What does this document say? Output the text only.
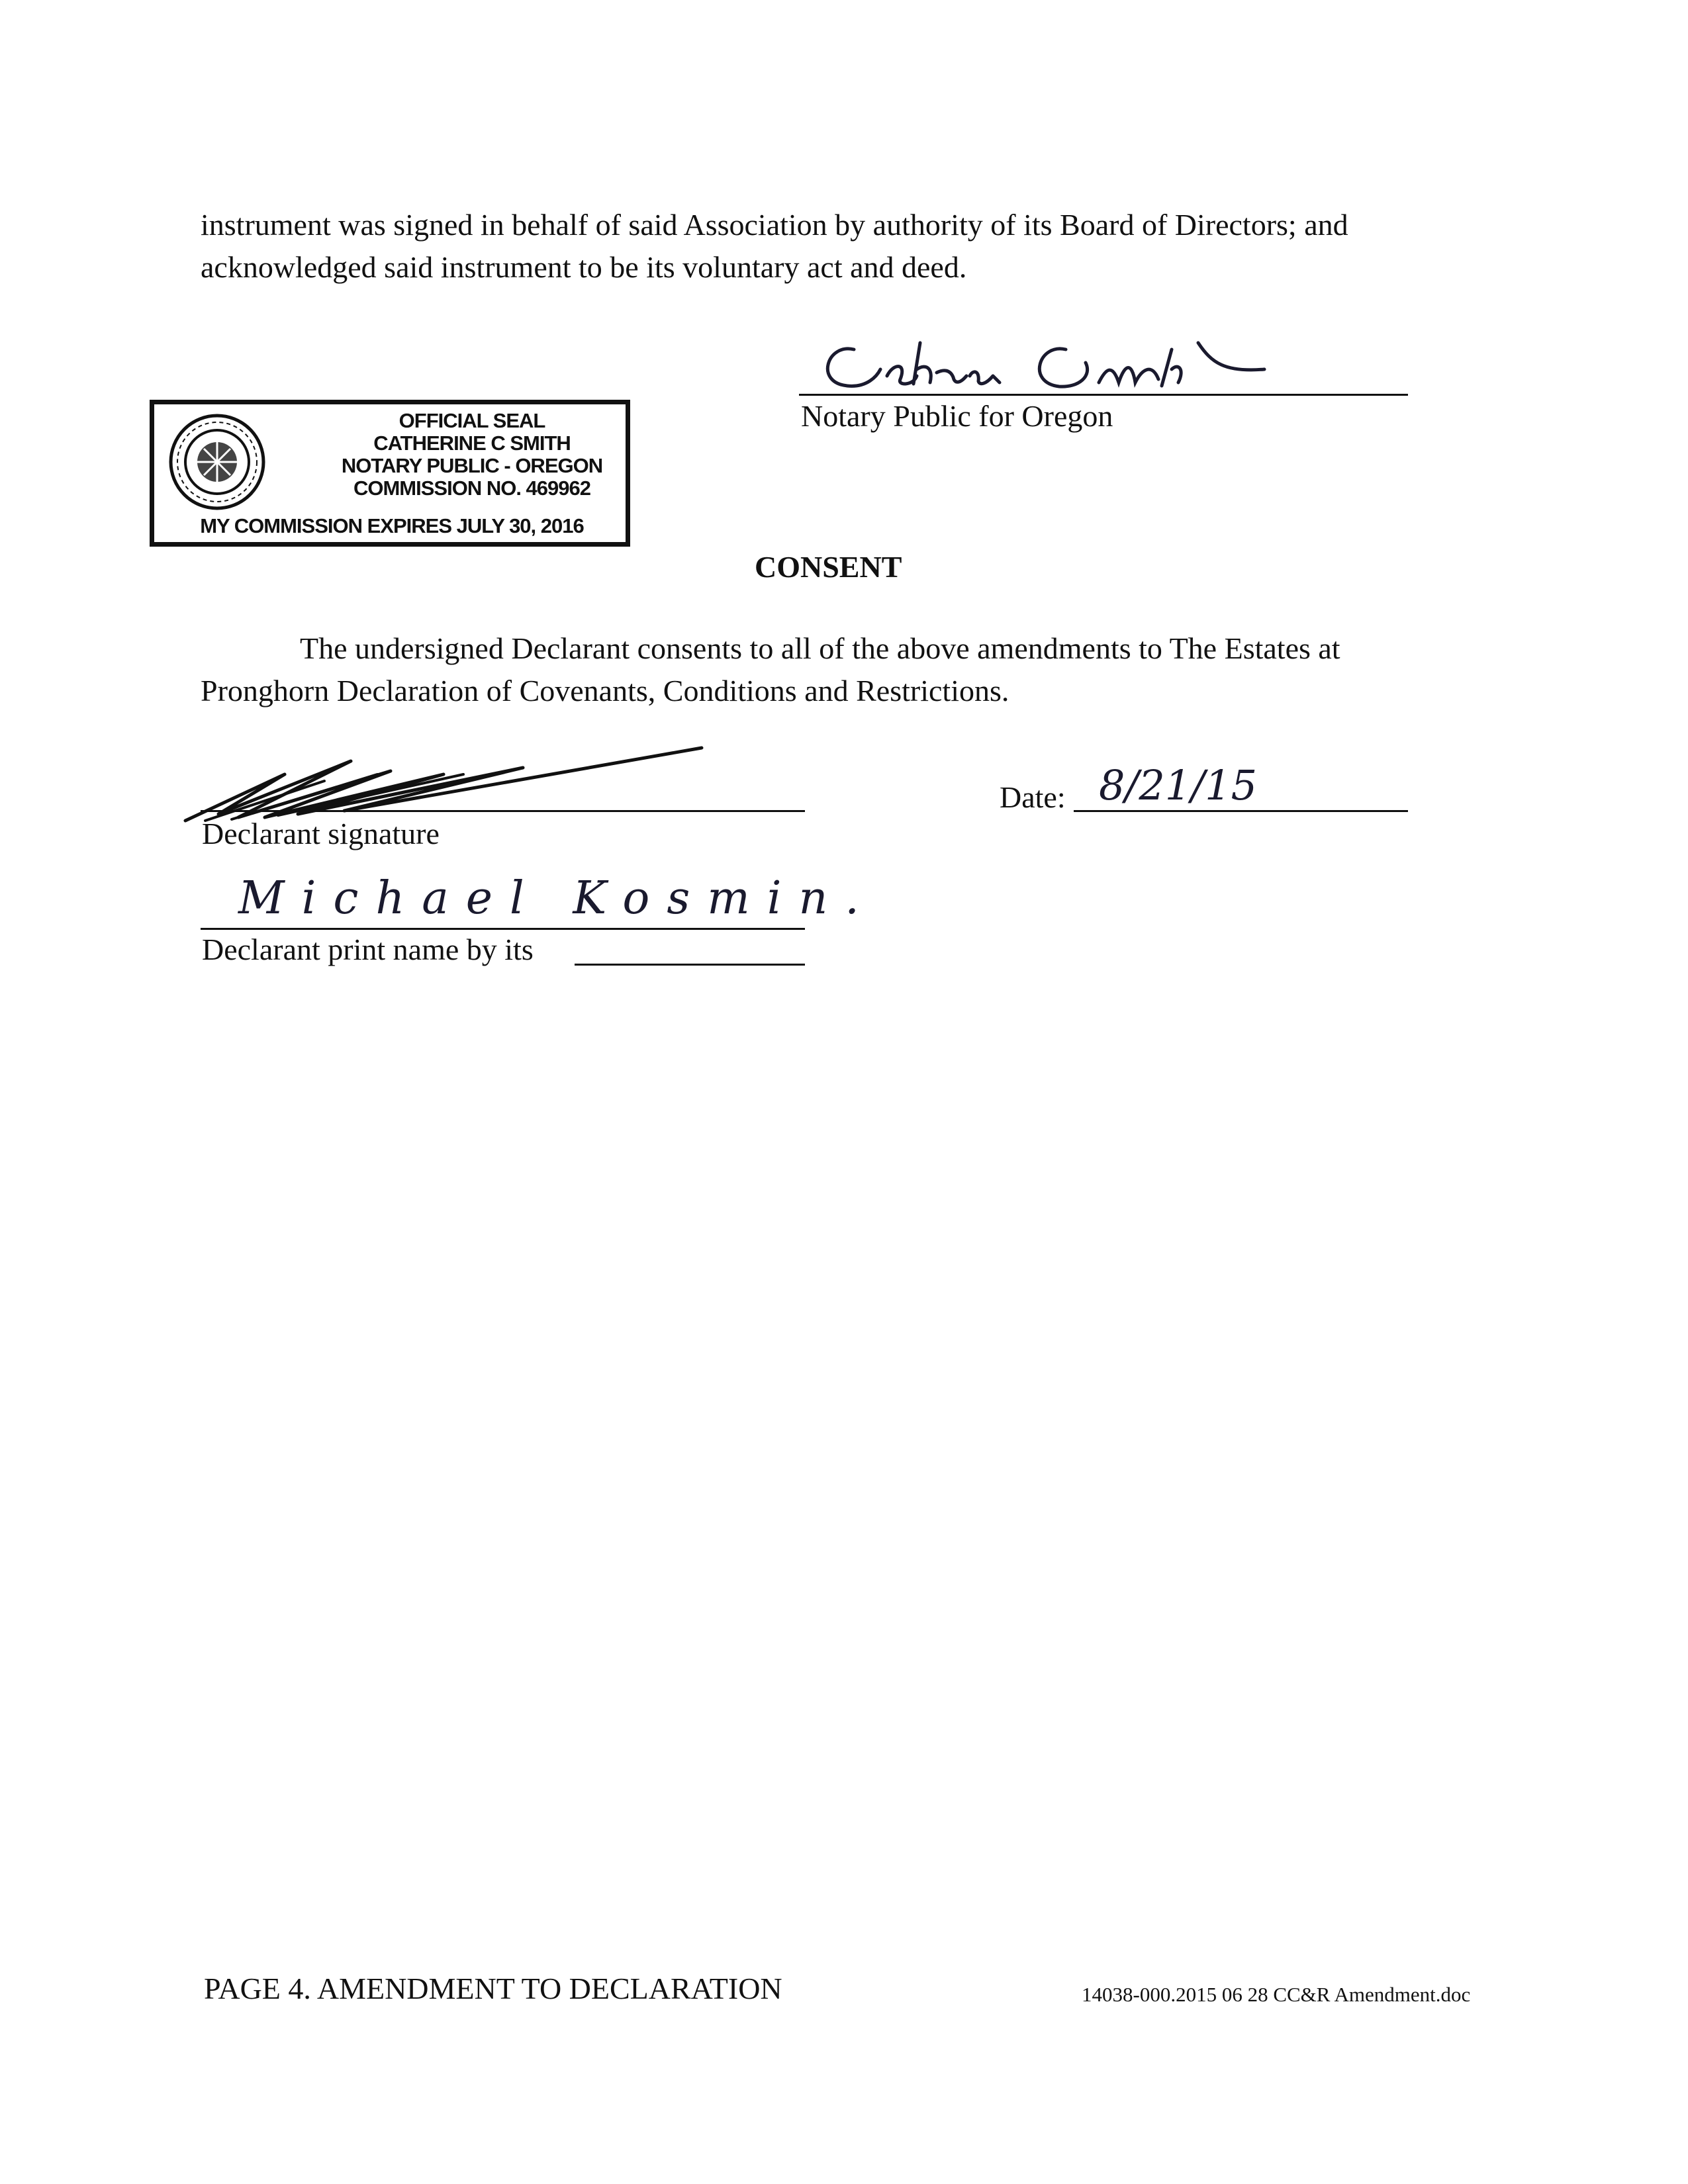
instrument was signed in behalf of said Association by authority of its Board of Directors; and
acknowledged said instrument to be its voluntary act and deed.
Notary Public for Oregon
OFFICIAL SEAL
CATHERINE C SMITH
NOTARY PUBLIC - OREGON
COMMISSION NO. 469962
MY COMMISSION EXPIRES JULY 30, 2016
CONSENT
The undersigned Declarant consents to all of the above amendments to The Estates at
Pronghorn Declaration of Covenants, Conditions and Restrictions.
Declarant signature
Date: 8/21/15
Michael Kosmin.
Declarant print name by its
PAGE 4. AMENDMENT TO DECLARATION	14038-000.2015 06 28 CC&R Amendment.doc
